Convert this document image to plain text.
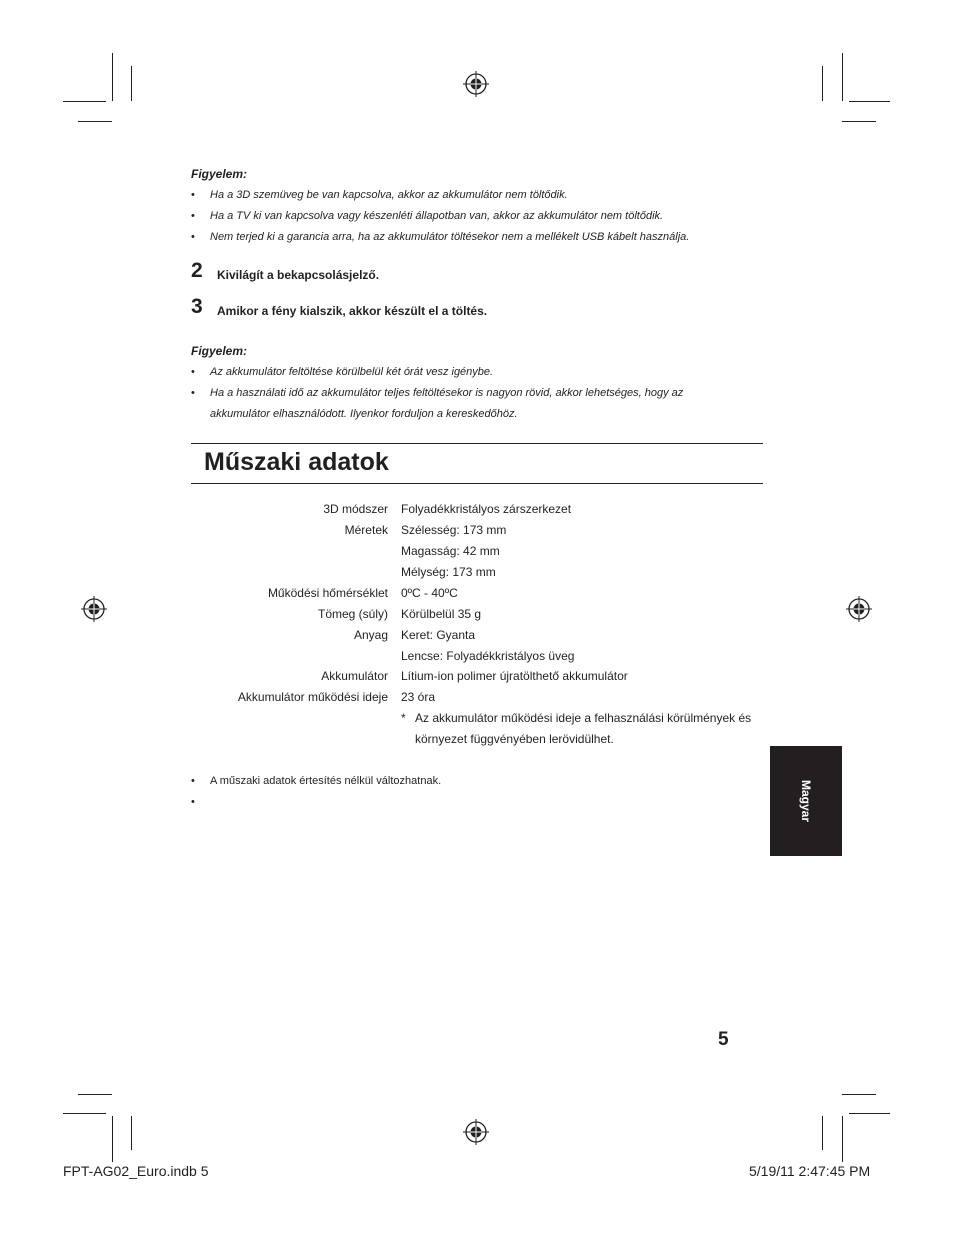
Figyelem:
• Ha a 3D szemüveg be van kapcsolva, akkor az akkumulátor nem töltődik.
• Ha a TV ki van kapcsolva vagy készenléti állapotban van, akkor az akkumulátor nem töltődik.
• Nem terjed ki a garancia arra, ha az akkumulátor töltésekor nem a mellékelt USB kábelt használja.
2 Kivilágít a bekapcsolásjelző.
3 Amikor a fény kialszik, akkor készült el a töltés.
Figyelem:
• Az akkumulátor feltöltése körülbelül két órát vesz igénybe.
• Ha a használati idő az akkumulátor teljes feltöltésekor is nagyon rövid, akkor lehetséges, hogy az akkumulátor elhasználódott. Ilyenkor forduljon a kereskedőhöz.
Műszaki adatok
3D módszer Folyadékkristályos zárszerkezet
Méretek Szélesség: 173 mm
Magasság: 42 mm
Mélység: 173 mm
Működési hőmérséklet 0ºC - 40ºC
Tömeg (súly) Körülbelül 35 g
Anyag Keret: Gyanta
Lencse: Folyadékkristályos üveg
Akkumulátor Lítium-ion polimer újratölthető akkumulátor
Akkumulátor működési ideje 23 óra
* Az akkumulátor működési ideje a felhasználási körülmények és környezet függvényében lerövidülhet.
• A műszaki adatok értesítés nélkül változhatnak.
•	Magyar
5
FPT-AG02_Euro.indb 5	5/19/11 2:47:45 PM
